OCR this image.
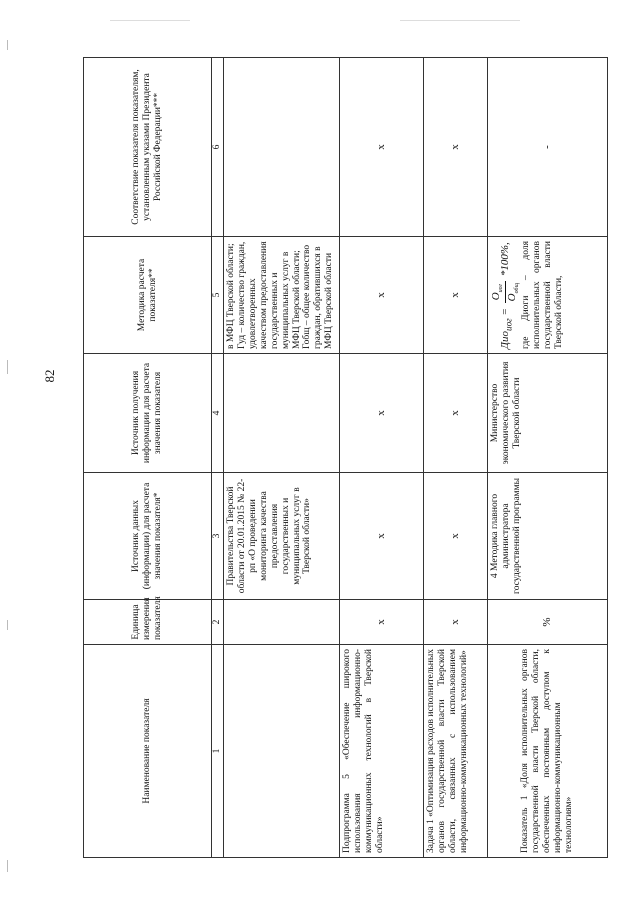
82
Наименование показателя	Единица измерения показателя	Источник данных (информации) для расчета значения показателя*	Источник получения информации для расчета значения показателя	Методика расчета показателя**	Соответствие показателя показателям, установленным указами Президента Российской Федерации***
1	2	3	4	5	6
		Правительства Тверской области от 20.01.2015 № 22-рп «О проведении мониторинга качества предоставления государственных и муниципальных услуг в Тверской области»		в МФЦ Тверской области; Гуд – количество граждан, удовлетворенных качеством предоставления государственных и муниципальных услуг в МФЦ Тверской области; Гобщ – общее количество граждан, обратившихся в МФЦ Тверской области	

Подпрограмма 5 «Обеспечение широкого использования информационно-коммуникационных технологий в Тверской области»	х	х	х	х	х
Задача 1 «Оптимизация расходов исполнительных органов государственной власти Тверской области, связанных с использованием информационно-коммуникационных технологий»	х	х	х	х	х
Показатель 1 «Доля исполнительных органов государственной власти Тверской области, обеспеченных постоянным доступом к информационно-коммуникационным технологиям»	%	4 Методика главного администратора государственной программы	Министерство экономического развития Тверской области	Дио$_{иог}$ =
$O_{иог}$
$O_{общ}$
*100%, где Диоги – доля исполнительных органов государственной власти Тверской области,	-
